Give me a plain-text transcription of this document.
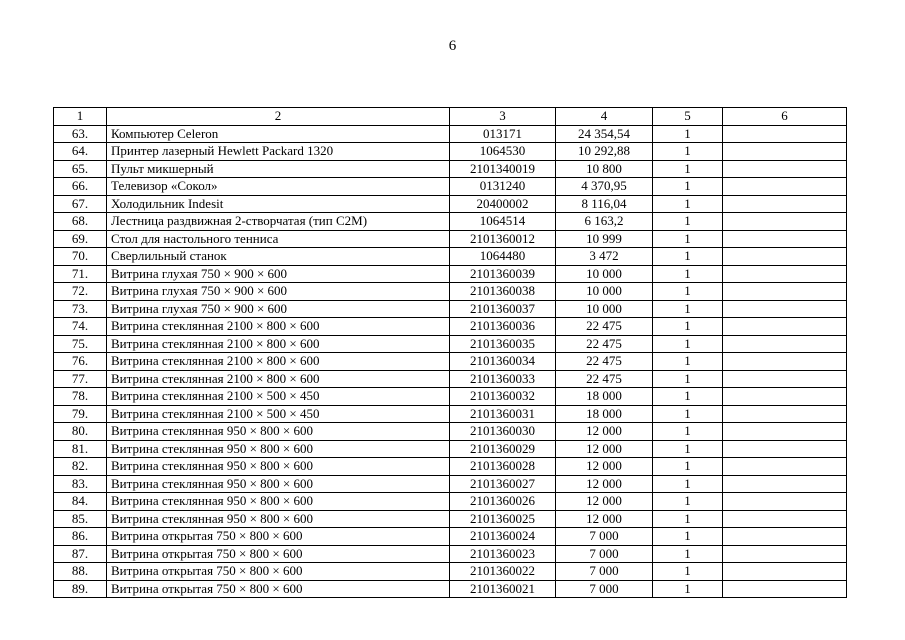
6
1	2	3	4	5	6
63.	Компьютер Celeron	013171	24 354,54	1	
64.	Принтер лазерный Hewlett Packard 1320	1064530	10 292,88	1	
65.	Пульт микшерный	2101340019	10 800	1	
66.	Телевизор «Сокол»	0131240	4 370,95	1	
67.	Холодильник Indesit	20400002	8 116,04	1	
68.	Лестница раздвижная 2-створчатая (тип С2М)	1064514	6 163,2	1	
69.	Стол для настольного тенниса	2101360012	10 999	1	
70.	Сверлильный станок	1064480	3 472	1	
71.	Витрина глухая 750 × 900 × 600	2101360039	10 000	1	
72.	Витрина глухая 750 × 900 × 600	2101360038	10 000	1	
73.	Витрина глухая 750 × 900 × 600	2101360037	10 000	1	
74.	Витрина стеклянная 2100 × 800 × 600	2101360036	22 475	1	
75.	Витрина стеклянная 2100 × 800 × 600	2101360035	22 475	1	
76.	Витрина стеклянная 2100 × 800 × 600	2101360034	22 475	1	
77.	Витрина стеклянная 2100 × 800 × 600	2101360033	22 475	1	
78.	Витрина стеклянная 2100 × 500 × 450	2101360032	18 000	1	
79.	Витрина стеклянная 2100 × 500 × 450	2101360031	18 000	1	
80.	Витрина стеклянная 950 × 800 × 600	2101360030	12 000	1	
81.	Витрина стеклянная 950 × 800 × 600	2101360029	12 000	1	
82.	Витрина стеклянная 950 × 800 × 600	2101360028	12 000	1	
83.	Витрина стеклянная 950 × 800 × 600	2101360027	12 000	1	
84.	Витрина стеклянная 950 × 800 × 600	2101360026	12 000	1	
85.	Витрина стеклянная 950 × 800 × 600	2101360025	12 000	1	
86.	Витрина открытая 750 × 800 × 600	2101360024	7 000	1	
87.	Витрина открытая 750 × 800 × 600	2101360023	7 000	1	
88.	Витрина открытая 750 × 800 × 600	2101360022	7 000	1	
89.	Витрина открытая 750 × 800 × 600	2101360021	7 000	1	
